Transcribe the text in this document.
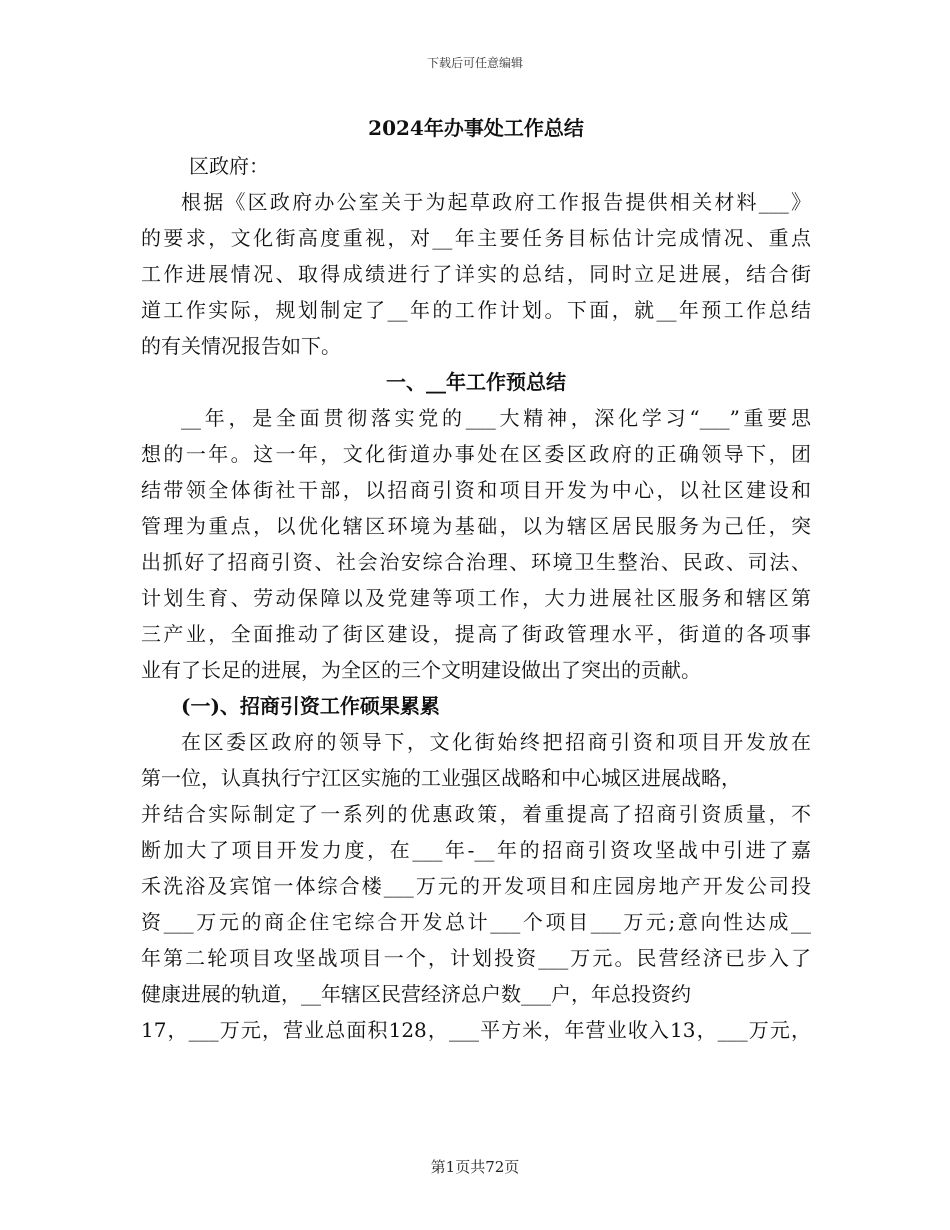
下载后可任意编辑
2024年办事处工作总结
区政府：
根据《区政府办公室关于为起草政府工作报告提供相关材料___》
的要求，文化街高度重视，对__年主要任务目标估计完成情况、重点
工作进展情况、取得成绩进行了详实的总结，同时立足进展，结合街
道工作实际，规划制定了__年的工作计划。下面，就__年预工作总结
的有关情况报告如下。
一、__年工作预总结
__年，是全面贯彻落实党的___大精神，深化学习“___”重要思
想的一年。这一年，文化街道办事处在区委区政府的正确领导下，团
结带领全体街社干部，以招商引资和项目开发为中心，以社区建设和
管理为重点，以优化辖区环境为基础，以为辖区居民服务为己任，突
出抓好了招商引资、社会治安综合治理、环境卫生整治、民政、司法、
计划生育、劳动保障以及党建等项工作，大力进展社区服务和辖区第
三产业，全面推动了街区建设，提高了街政管理水平，街道的各项事
业有了长足的进展，为全区的三个文明建设做出了突出的贡献。
(一)、招商引资工作硕果累累
在区委区政府的领导下，文化街始终把招商引资和项目开发放在
第一位，认真执行宁江区实施的工业强区战略和中心城区进展战略，
并结合实际制定了一系列的优惠政策，着重提高了招商引资质量，不
断加大了项目开发力度，在___年-__年的招商引资攻坚战中引进了嘉
禾洗浴及宾馆一体综合楼___万元的开发项目和庄园房地产开发公司投
资___万元的商企住宅综合开发总计___个项目___万元;意向性达成__
年第二轮项目攻坚战项目一个，计划投资___万元。民营经济已步入了
健康进展的轨道，__年辖区民营经济总户数___户，年总投资约
17，___万元，营业总面积128，___平方米，年营业收入13，___万元，
第1页共72页
